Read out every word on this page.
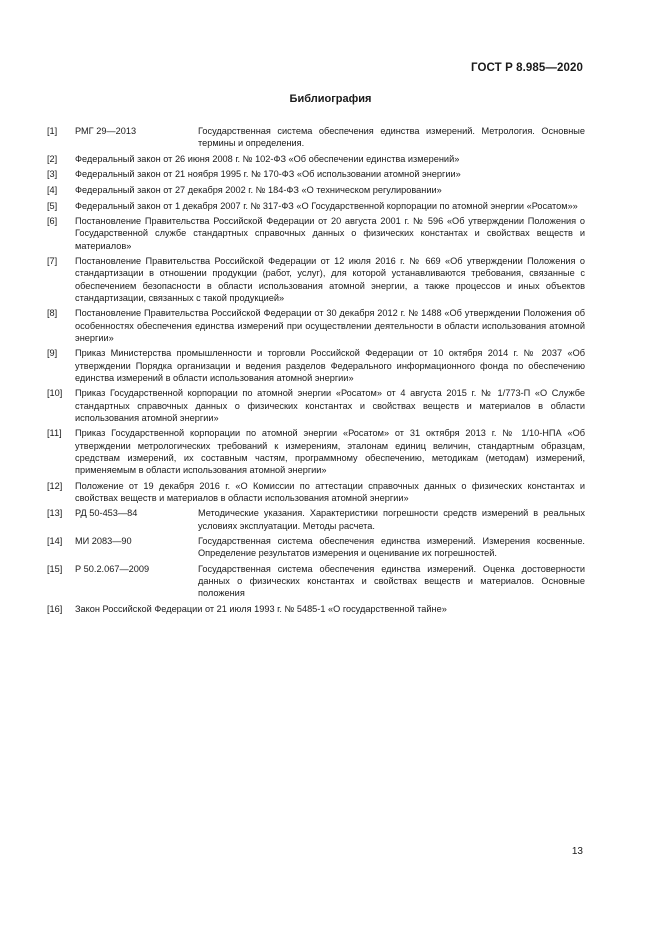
ГОСТ Р 8.985—2020
Библиография
[1]	РМГ 29—2013	Государственная система обеспечения единства измерений. Метрология. Основные термины и определения.
[2]	Федеральный закон от 26 июня 2008 г. № 102-ФЗ «Об обеспечении единства измерений»
[3]	Федеральный закон от 21 ноября 1995 г. № 170-ФЗ «Об использовании атомной энергии»
[4]	Федеральный закон от 27 декабря 2002 г. № 184-ФЗ «О техническом регулировании»
[5]	Федеральный закон от 1 декабря 2007 г. № 317-ФЗ «О Государственной корпорации по атомной энергии «Росатом»»
[6]	Постановление Правительства Российской Федерации от 20 августа 2001 г. № 596 «Об утверждении Положения о Государственной службе стандартных справочных данных о физических константах и свойствах веществ и материалов»
[7]	Постановление Правительства Российской Федерации от 12 июля 2016 г. № 669 «Об утверждении Положения о стандартизации в отношении продукции (работ, услуг), для которой устанавливаются требования, связанные с обеспечением безопасности в области использования атомной энергии, а также процессов и иных объектов стандартизации, связанных с такой продукцией»
[8]	Постановление Правительства Российской Федерации от 30 декабря 2012 г. № 1488 «Об утверждении Положения об особенностях обеспечения единства измерений при осуществлении деятельности в области использования атомной энергии»
[9]	Приказ Министерства промышленности и торговли Российской Федерации от 10 октября 2014 г. № 2037 «Об утверждении Порядка организации и ведения разделов Федерального информационного фонда по обеспечению единства измерений в области использования атомной энергии»
[10]	Приказ Государственной корпорации по атомной энергии «Росатом» от 4 августа 2015 г. № 1/773-П «О Службе стандартных справочных данных о физических константах и свойствах веществ и материалов в области использования атомной энергии»
[11]	Приказ Государственной корпорации по атомной энергии «Росатом» от 31 октября 2013 г. № 1/10-НПА «Об утверждении метрологических требований к измерениям, эталонам единиц величин, стандартным образцам, средствам измерений, их составным частям, программному обеспечению, методикам (методам) измерений, применяемым в области использования атомной энергии»
[12]	Положение от 19 декабря 2016 г. «О Комиссии по аттестации справочных данных о физических константах и свойствах веществ и материалов в области использования атомной энергии»
[13]	РД 50-453—84	Методические указания. Характеристики погрешности средств измерений в реальных условиях эксплуатации. Методы расчета.
[14]	МИ 2083—90	Государственная система обеспечения единства измерений. Измерения косвенные. Определение результатов измерения и оценивание их погрешностей.
[15]	Р 50.2.067—2009	Государственная система обеспечения единства измерений. Оценка достоверности данных о физических константах и свойствах веществ и материалов. Основные положения
[16]	Закон Российской Федерации от 21 июля 1993 г. № 5485-1 «О государственной тайне»
13
